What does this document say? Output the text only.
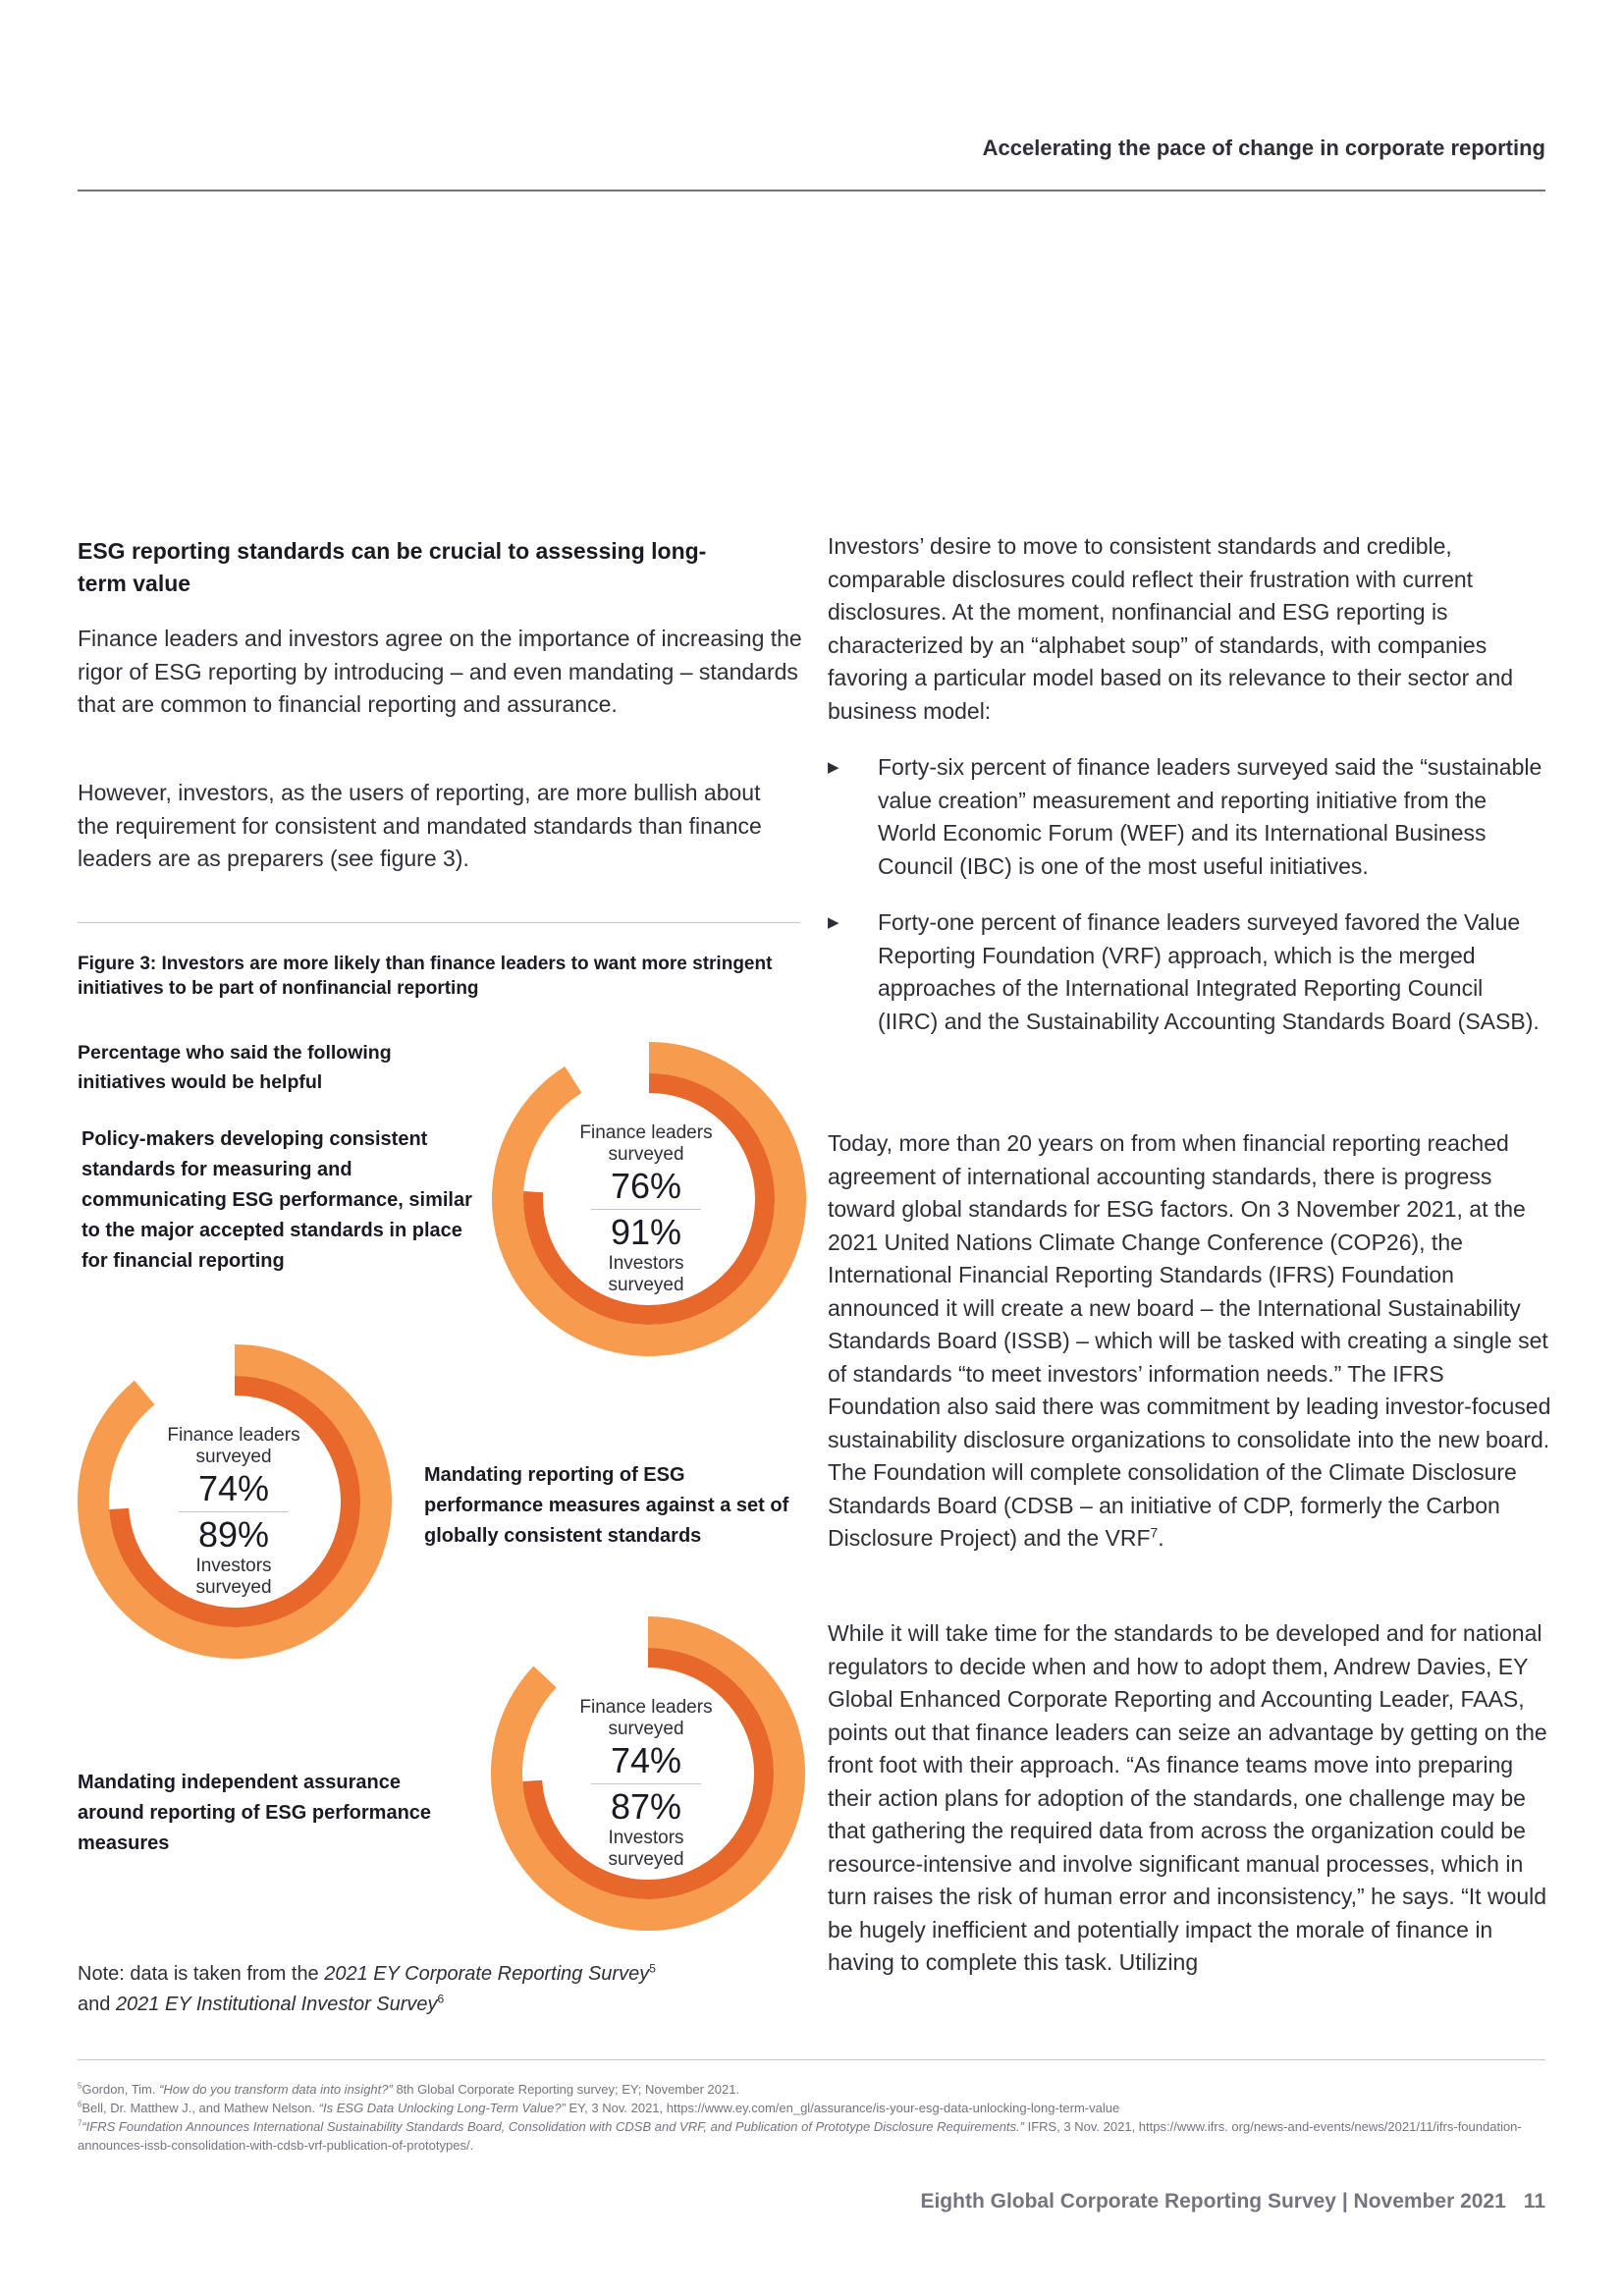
Accelerating the pace of change in corporate reporting
ESG reporting standards can be crucial to assessing long-term value
Finance leaders and investors agree on the importance of increasing the rigor of ESG reporting by introducing – and even mandating – standards that are common to financial reporting and assurance.
However, investors, as the users of reporting, are more bullish about the requirement for consistent and mandated standards than finance leaders are as preparers (see figure 3).
Figure 3: Investors are more likely than finance leaders to want more stringent initiatives to be part of nonfinancial reporting
Percentage who said the following initiatives would be helpful
Policy-makers developing consistent standards for measuring and communicating ESG performance, similar to the major accepted standards in place for financial reporting
Mandating reporting of ESG performance measures against a set of globally consistent standards
Mandating independent assurance around reporting of ESG performance measures
Finance leaders surveyed
76%
91%
Investors surveyed
Finance leaders surveyed
74%
89%
Investors surveyed
Finance leaders surveyed
74%
87%
Investors surveyed
Note: data is taken from the 2021 EY Corporate Reporting Survey$^5$
and 2021 EY Institutional Investor Survey$^6$
Investors’ desire to move to consistent standards and credible, comparable disclosures could reflect their frustration with current disclosures. At the moment, nonfinancial and ESG reporting is characterized by an “alphabet soup” of standards, with companies favoring a particular model based on its relevance to their sector and business model:
▶ Forty-six percent of finance leaders surveyed said the “sustainable value creation” measurement and reporting initiative from the World Economic Forum (WEF) and its International Business Council (IBC) is one of the most useful initiatives.
▶ Forty-one percent of finance leaders surveyed favored the Value Reporting Foundation (VRF) approach, which is the merged approaches of the International Integrated Reporting Council (IIRC) and the Sustainability Accounting Standards Board (SASB).
Today, more than 20 years on from when financial reporting reached agreement of international accounting standards, there is progress toward global standards for ESG factors. On 3 November 2021, at the 2021 United Nations Climate Change Conference (COP26), the International Financial Reporting Standards (IFRS) Foundation announced it will create a new board – the International Sustainability Standards Board (ISSB) – which will be tasked with creating a single set of standards “to meet investors’ information needs.” The IFRS Foundation also said there was commitment by leading investor-focused sustainability disclosure organizations to consolidate into the new board. The Foundation will complete consolidation of the Climate Disclosure Standards Board (CDSB – an initiative of CDP, formerly the Carbon Disclosure Project) and the VRF$^7$.
While it will take time for the standards to be developed and for national regulators to decide when and how to adopt them, Andrew Davies, EY Global Enhanced Corporate Reporting and Accounting Leader, FAAS, points out that finance leaders can seize an advantage by getting on the front foot with their approach. “As finance teams move into preparing their action plans for adoption of the standards, one challenge may be that gathering the required data from across the organization could be resource-intensive and involve significant manual processes, which in turn raises the risk of human error and inconsistency,” he says. “It would be hugely inefficient and potentially impact the morale of finance in having to complete this task. Utilizing
$^5$Gordon, Tim. “How do you transform data into insight?” 8th Global Corporate Reporting survey; EY; November 2021.
$^6$Bell, Dr. Matthew J., and Mathew Nelson. “Is ESG Data Unlocking Long-Term Value?” EY, 3 Nov. 2021, https://www.ey.com/en_gl/assurance/is-your-esg-data-unlocking-long-term-value
$^7$“IFRS Foundation Announces International Sustainability Standards Board, Consolidation with CDSB and VRF, and Publication of Prototype Disclosure Requirements.” IFRS, 3 Nov. 2021, https://www.ifrs. org/news-and-events/news/2021/11/ifrs-foundation-announces-issb-consolidation-with-cdsb-vrf-publication-of-prototypes/.
Eighth Global Corporate Reporting Survey | November 2021 11
